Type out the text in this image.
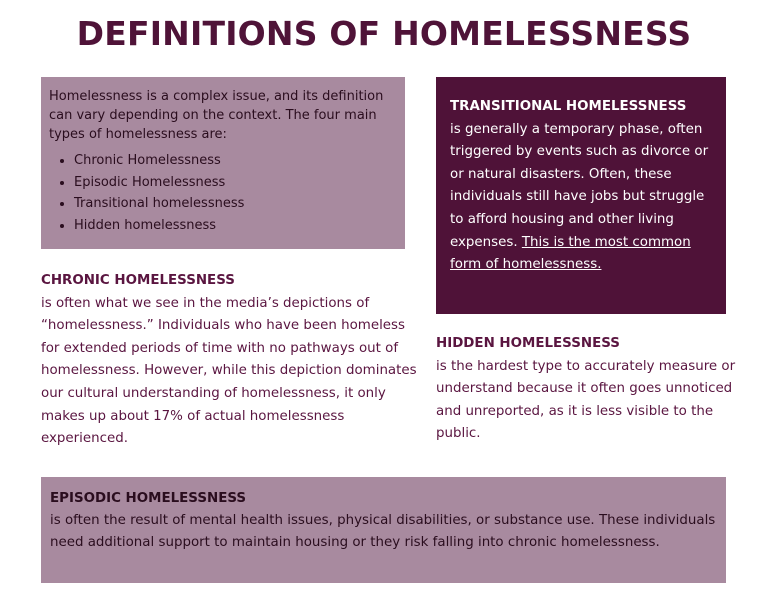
DEFINITIONS OF HOMELESSNESS
Homelessness is a complex issue, and its definition can vary depending on the context. The four main types of homelessness are:
• Chronic Homelessness
• Episodic Homelessness
• Transitional homelessness
• Hidden homelessness
TRANSITIONAL HOMELESSNESS
is generally a temporary phase, often triggered by events such as divorce or or natural disasters. Often, these individuals still have jobs but struggle to afford housing and other living expenses. This is the most common form of homelessness.
CHRONIC HOMELESSNESS
is often what we see in the media’s depictions of “homelessness.” Individuals who have been homeless for extended periods of time with no pathways out of homelessness. However, while this depiction dominates our cultural understanding of homelessness, it only makes up about 17% of actual homelessness experienced.
HIDDEN HOMELESSNESS
is the hardest type to accurately measure or understand because it often goes unnoticed and unreported, as it is less visible to the public.
EPISODIC HOMELESSNESS
is often the result of mental health issues, physical disabilities, or substance use. These individuals need additional support to maintain housing or they risk falling into chronic homelessness.
